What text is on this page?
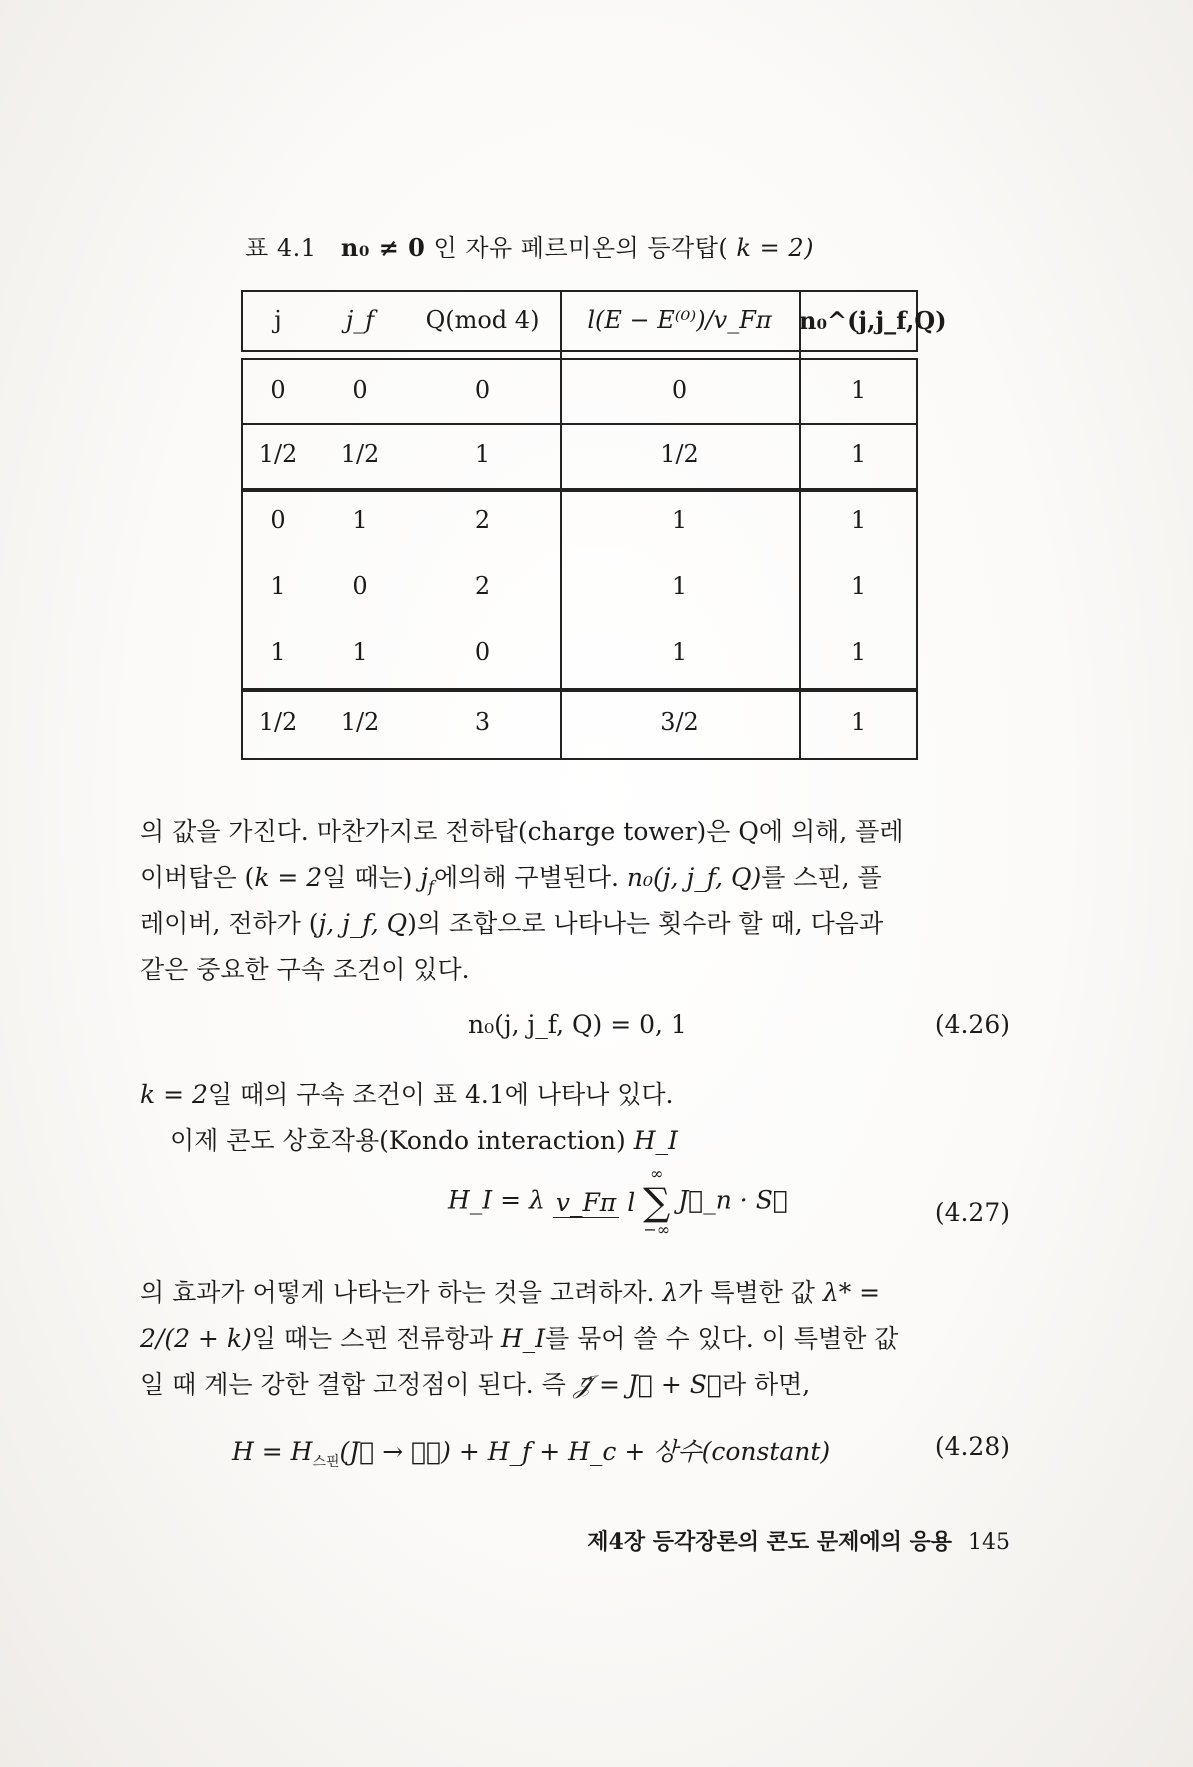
표 4.1 n₀ ≠ 0 인 자유 페르미온의 등각탑( k = 2)
j	j_f	Q(mod 4)	l(E − E⁽⁰⁾)/v_Fπ	n₀^(j,j_f,Q)
0	0	0	0	1
1/2	1/2	1	1/2	1
0	1	2	1	1
1	0	2	1	1
1	1	0	1	1
1/2	1/2	3	3/2	1
의 값을 가진다. 마찬가지로 전하탑(charge tower)은 Q에 의해, 플레
이버탑은 (k = 2일 때는) $j_f$에의해 구별된다. n₀(j, j_f, Q)를 스핀, 플
레이버, 전하가 (j, j_f, Q)의 조합으로 나타나는 횟수라 할 때, 다음과
같은 중요한 구속 조건이 있다.
n₀(j, j_f, Q) = 0, 1	(4.26)
k = 2일 때의 구속 조건이 표 4.1에 나타나 있다.
이제 콘도 상호작용(Kondo interaction) H_I
H_I = λ v_Fπ l
∞
∑
−∞
J⃗_n · S⃗	(4.27)
의 효과가 어떻게 나타는가 하는 것을 고려하자. λ가 특별한 값 λ* =
2/(2 + k)일 때는 스핀 전류항과 H_I를 묶어 쓸 수 있다. 이 특별한 값
일 때 계는 강한 결합 고정점이 된다. 즉 𝒥⃗ = J⃗ + S⃗라 하면,
$H = H_{스핀}(J⃗$ → 𝒥⃗) + H_f + H_c + 상수(constant)	(4.28)
제4장 등각장론의 콘도 문제에의 응용 145
